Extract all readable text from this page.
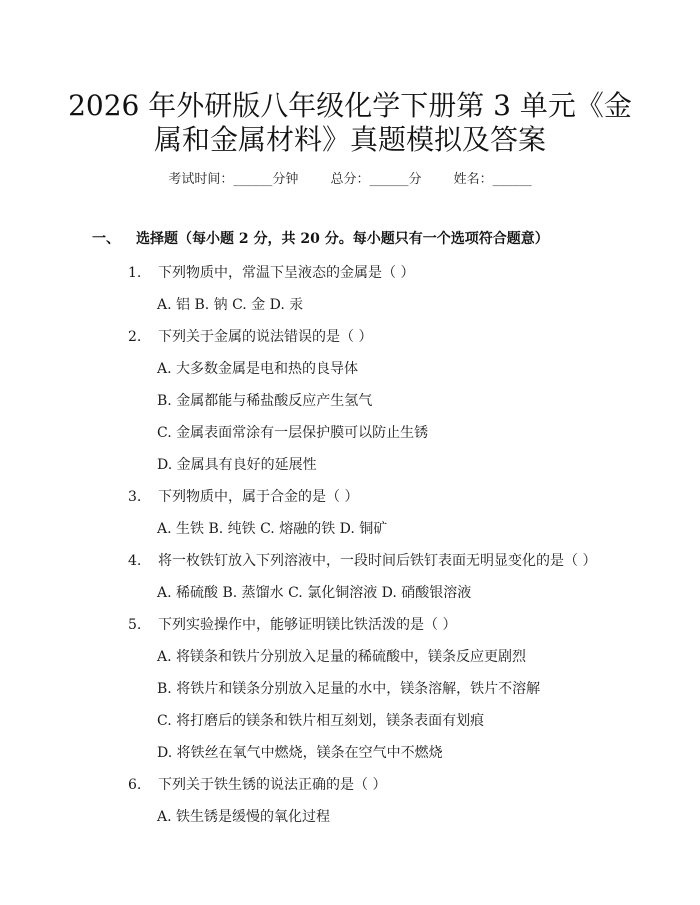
2026 年外研版八年级化学下册第 3 单元《金
属和金属材料》真题模拟及答案
考试时间：______分钟 总分：______分 姓名：______
一、 选择题（每小题 2 分，共 20 分。每小题只有一个选项符合题意）
1. 下列物质中，常温下呈液态的金属是（ ）
A. 铝 B. 钠 C. 金 D. 汞
2. 下列关于金属的说法错误的是（ ）
A. 大多数金属是电和热的良导体
B. 金属都能与稀盐酸反应产生氢气
C. 金属表面常涂有一层保护膜可以防止生锈
D. 金属具有良好的延展性
3. 下列物质中，属于合金的是（ ）
A. 生铁 B. 纯铁 C. 熔融的铁 D. 铜矿
4. 将一枚铁钉放入下列溶液中，一段时间后铁钉表面无明显变化的是（ ）
A. 稀硫酸 B. 蒸馏水 C. 氯化铜溶液 D. 硝酸银溶液
5. 下列实验操作中，能够证明镁比铁活泼的是（ ）
A. 将镁条和铁片分别放入足量的稀硫酸中，镁条反应更剧烈
B. 将铁片和镁条分别放入足量的水中，镁条溶解，铁片不溶解
C. 将打磨后的镁条和铁片相互刻划，镁条表面有划痕
D. 将铁丝在氧气中燃烧，镁条在空气中不燃烧
6. 下列关于铁生锈的说法正确的是（ ）
A. 铁生锈是缓慢的氧化过程
